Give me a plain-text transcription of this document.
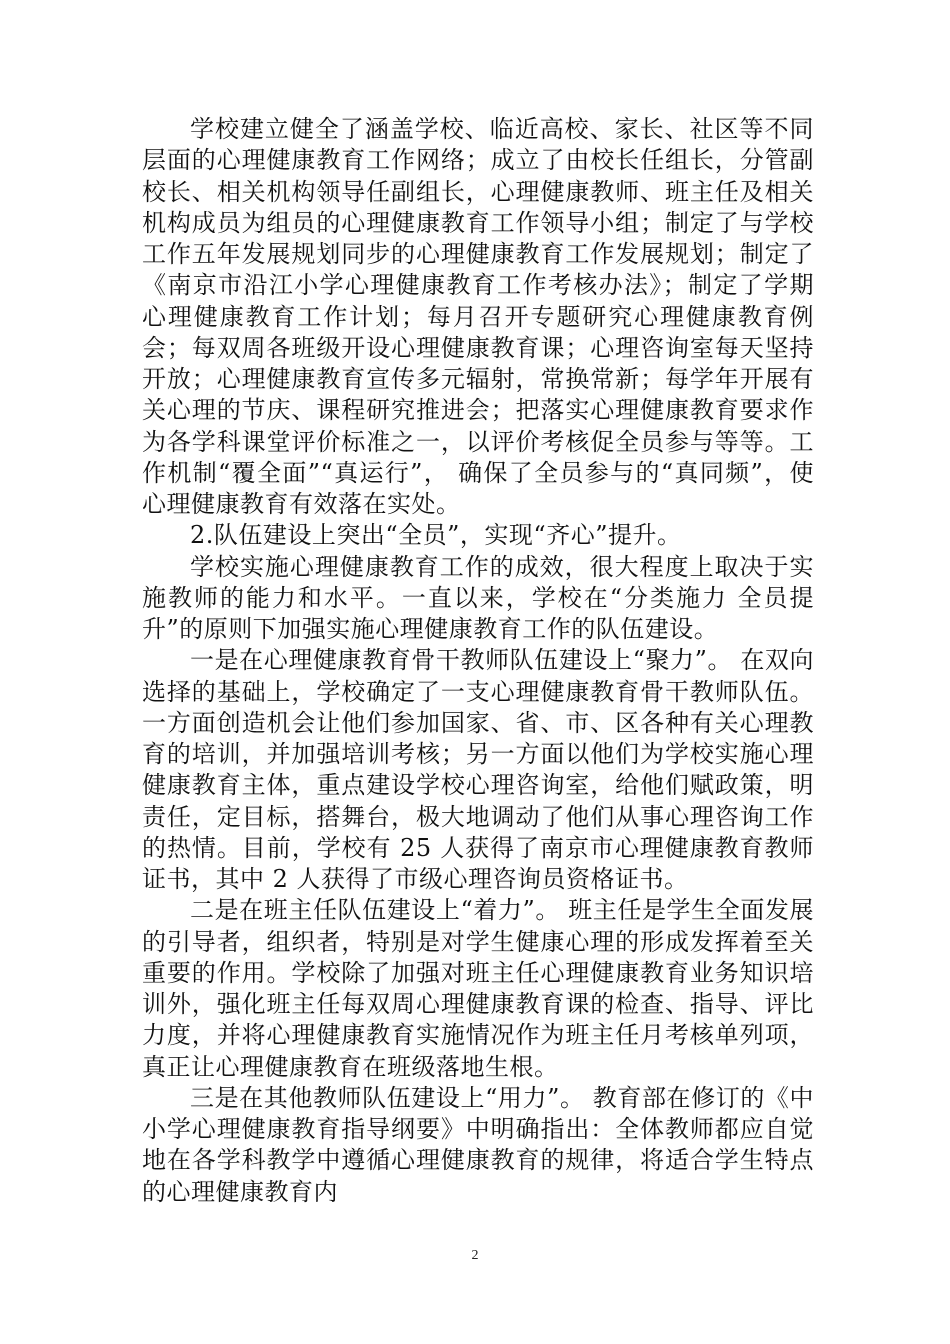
学校建立健全了涵盖学校、临近高校、家长、社区等不同层面的心理健康教育工作网络；成立了由校长任组长，分管副校长、相关机构领导任副组长，心理健康教师、班主任及相关机构成员为组员的心理健康教育工作领导小组；制定了与学校工作五年发展规划同步的心理健康教育工作发展规划；制定了《南京市沿江小学心理健康教育工作考核办法》；制定了学期心理健康教育工作计划；每月召开专题研究心理健康教育例会；每双周各班级开设心理健康教育课；心理咨询室每天坚持开放；心理健康教育宣传多元辐射，常换常新；每学年开展有关心理的节庆、课程研究推进会；把落实心理健康教育要求作为各学科课堂评价标准之一，以评价考核促全员参与等等。工作机制“覆全面”“真运行”， 确保了全员参与的“真同频”，使心理健康教育有效落在实处。

2.队伍建设上突出“全员”，实现“齐心”提升。

学校实施心理健康教育工作的成效，很大程度上取决于实施教师的能力和水平。一直以来，学校在“分类施力 全员提升”的原则下加强实施心理健康教育工作的队伍建设。

一是在心理健康教育骨干教师队伍建设上“聚力”。 在双向选择的基础上，学校确定了一支心理健康教育骨干教师队伍。一方面创造机会让他们参加国家、省、市、区各种有关心理教育的培训，并加强培训考核；另一方面以他们为学校实施心理健康教育主体，重点建设学校心理咨询室，给他们赋政策，明责任，定目标，搭舞台，极大地调动了他们从事心理咨询工作的热情。目前，学校有 25 人获得了南京市心理健康教育教师证书，其中 2 人获得了市级心理咨询员资格证书。

二是在班主任队伍建设上“着力”。 班主任是学生全面发展的引导者，组织者，特别是对学生健康心理的形成发挥着至关重要的作用。学校除了加强对班主任心理健康教育业务知识培训外，强化班主任每双周心理健康教育课的检查、指导、评比力度，并将心理健康教育实施情况作为班主任月考核单列项，真正让心理健康教育在班级落地生根。

三是在其他教师队伍建设上“用力”。 教育部在修订的《中小学心理健康教育指导纲要》中明确指出：全体教师都应自觉地在各学科教学中遵循心理健康教育的规律，将适合学生特点的心理健康教育内

2
